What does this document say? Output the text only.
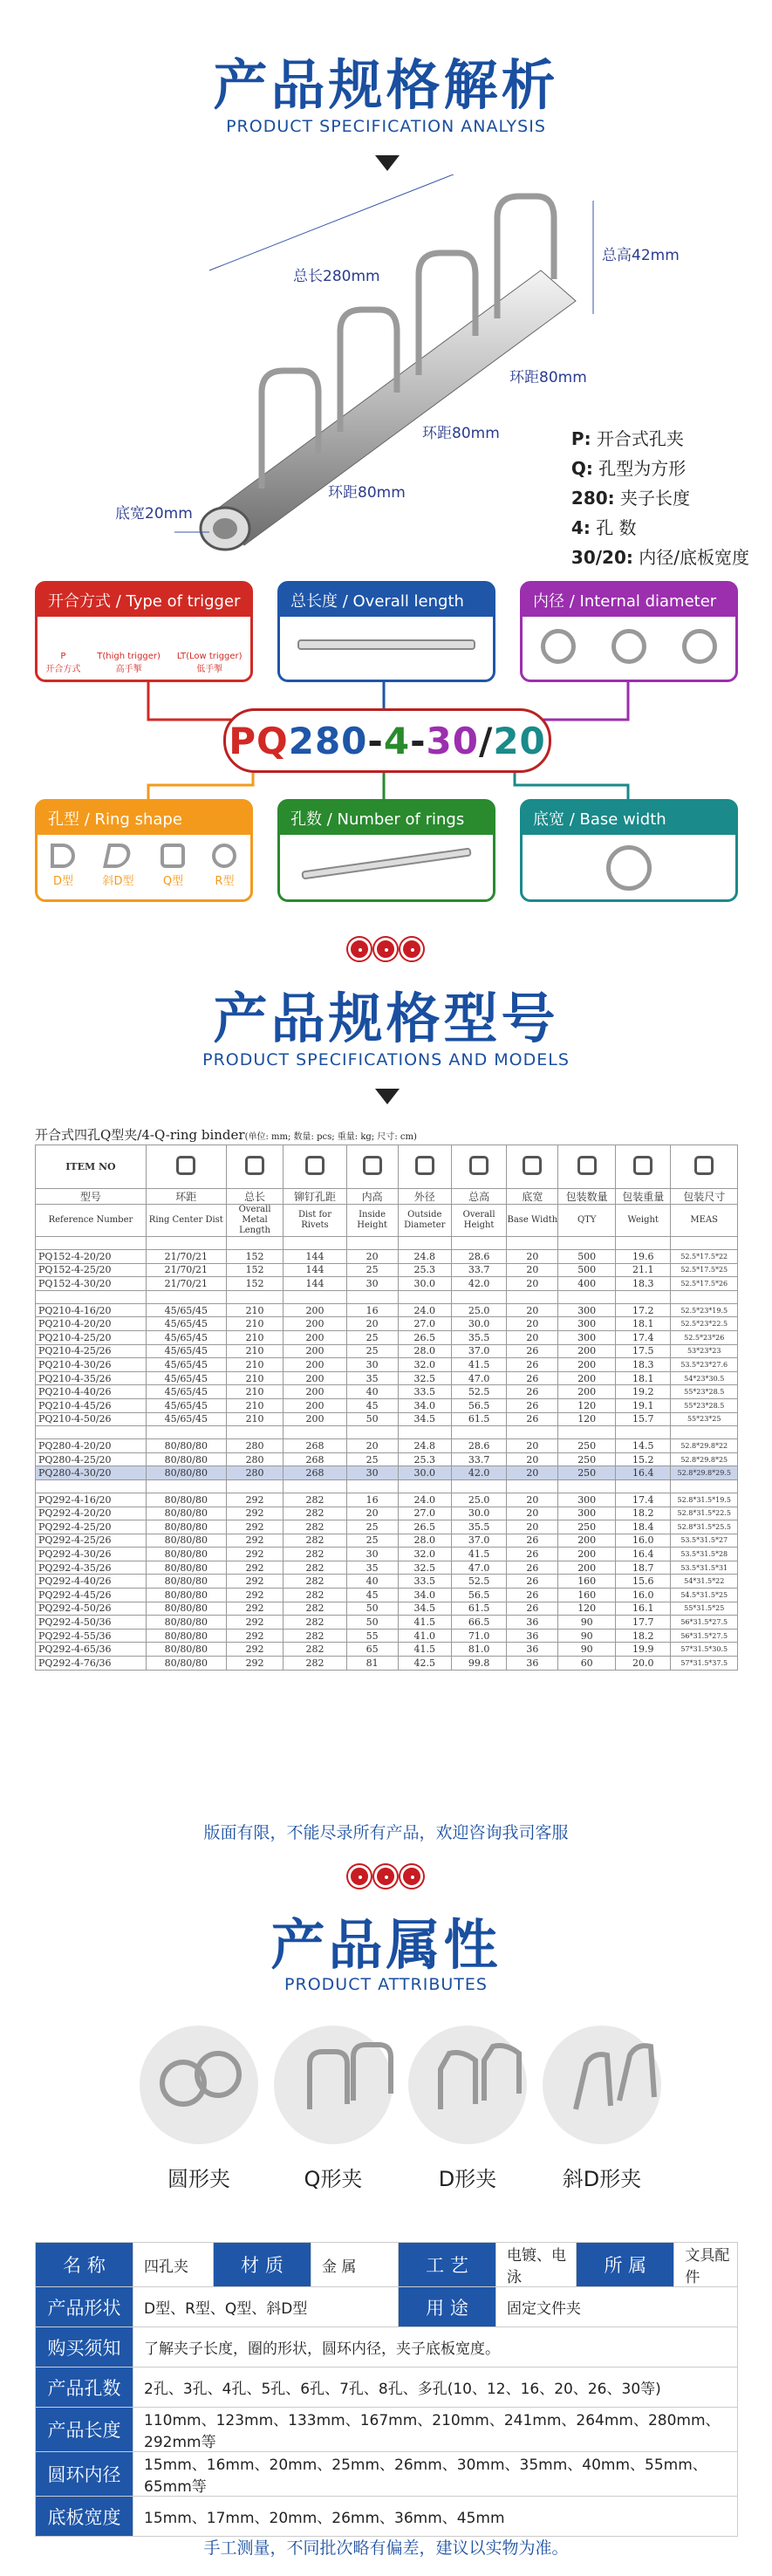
产品规格解析
PRODUCT SPECIFICATION ANALYSIS
总长280mm
总高42mm
环距80mm
环距80mm
环距80mm
底宽20mm
P: 开合式孔夹
Q: 孔型为方形
280: 夹子长度
4: 孔 数
30/20: 内径/底板宽度
开合方式 / Type of trigger
P
开合方式
T(high trigger)
高手掣
LT(Low trigger)
低手掣
总长度 / Overall length	内径 / Internal diameter
PQ 280 - 4 - 30 / 20
孔型 / Ring shape
D型	斜D型	Q型	R型
孔数 / Number of rings	底宽 / Base width
产品规格型号
PRODUCT SPECIFICATIONS AND MODELS
开合式四孔Q型夹/4-Q-ring binder(单位: mm; 数量: pcs; 重量: kg; 尺寸: cm)
ITEM NO										
型号	环距	总长	铆钉孔距	内高	外径	总高	底宽	包装数量	包装重量	包装尺寸
Reference Number	Ring Center Dist	Overall Metal Length	Dist for Rivets	Inside Height	Outside Diameter	Overall Height	Base Width	QTY	Weight	MEAS

PQ152-4-20/20	21/70/21	152	144	20	24.8	28.6	20	500	19.6	52.5*17.5*22
PQ152-4-25/20	21/70/21	152	144	25	25.3	33.7	20	500	21.1	52.5*17.5*25
PQ152-4-30/20	21/70/21	152	144	30	30.0	42.0	20	400	18.3	52.5*17.5*26

PQ210-4-16/20	45/65/45	210	200	16	24.0	25.0	20	300	17.2	52.5*23*19.5
PQ210-4-20/20	45/65/45	210	200	20	27.0	30.0	20	300	18.1	52.5*23*22.5
PQ210-4-25/20	45/65/45	210	200	25	26.5	35.5	20	300	17.4	52.5*23*26
PQ210-4-25/26	45/65/45	210	200	25	28.0	37.0	26	200	17.5	53*23*23
PQ210-4-30/26	45/65/45	210	200	30	32.0	41.5	26	200	18.3	53.5*23*27.6
PQ210-4-35/26	45/65/45	210	200	35	32.5	47.0	26	200	18.1	54*23*30.5
PQ210-4-40/26	45/65/45	210	200	40	33.5	52.5	26	200	19.2	55*23*28.5
PQ210-4-45/26	45/65/45	210	200	45	34.0	56.5	26	120	19.1	55*23*28.5
PQ210-4-50/26	45/65/45	210	200	50	34.5	61.5	26	120	15.7	55*23*25

PQ280-4-20/20	80/80/80	280	268	20	24.8	28.6	20	250	14.5	52.8*29.8*22
PQ280-4-25/20	80/80/80	280	268	25	25.3	33.7	20	250	15.2	52.8*29.8*25
PQ280-4-30/20	80/80/80	280	268	30	30.0	42.0	20	250	16.4	52.8*29.8*29.5

PQ292-4-16/20	80/80/80	292	282	16	24.0	25.0	20	300	17.4	52.8*31.5*19.5
PQ292-4-20/20	80/80/80	292	282	20	27.0	30.0	20	300	18.2	52.8*31.5*22.5
PQ292-4-25/20	80/80/80	292	282	25	26.5	35.5	20	250	18.4	52.8*31.5*25.5
PQ292-4-25/26	80/80/80	292	282	25	28.0	37.0	26	200	16.0	53.5*31.5*27
PQ292-4-30/26	80/80/80	292	282	30	32.0	41.5	26	200	16.4	53.5*31.5*28
PQ292-4-35/26	80/80/80	292	282	35	32.5	47.0	26	200	18.7	53.5*31.5*31
PQ292-4-40/26	80/80/80	292	282	40	33.5	52.5	26	160	15.6	54*31.5*22
PQ292-4-45/26	80/80/80	292	282	45	34.0	56.5	26	160	16.0	54.5*31.5*25
PQ292-4-50/26	80/80/80	292	282	50	34.5	61.5	26	120	16.1	55*31.5*25
PQ292-4-50/36	80/80/80	292	282	50	41.5	66.5	36	90	17.7	56*31.5*27.5
PQ292-4-55/36	80/80/80	292	282	55	41.0	71.0	36	90	18.2	56*31.5*27.5
PQ292-4-65/36	80/80/80	292	282	65	41.5	81.0	36	90	19.9	57*31.5*30.5
PQ292-4-76/36	80/80/80	292	282	81	42.5	99.8	36	60	20.0	57*31.5*37.5
版面有限，不能尽录所有产品，欢迎咨询我司客服
产品属性
PRODUCT ATTRIBUTES
圆形夹	Q形夹	D形夹	斜D形夹
名 称	四孔夹	材 质	金 属	工 艺	电镀、电泳	所 属	文具配件
产品形状	D型、R型、Q型、斜D型			用 途	固定文件夹		
购买须知	了解夹子长度，圈的形状，圆环内径，夹子底板宽度。						
产品孔数	2孔、3孔、4孔、5孔、6孔、7孔、8孔、多孔(10、12、16、20、26、30等)						
产品长度	110mm、123mm、133mm、167mm、210mm、241mm、264mm、280mm、292mm等						
圆环内径	15mm、16mm、20mm、25mm、26mm、30mm、35mm、40mm、55mm、65mm等						
底板宽度	15mm、17mm、20mm、26mm、36mm、45mm						
手工测量，不同批次略有偏差，建议以实物为准。
